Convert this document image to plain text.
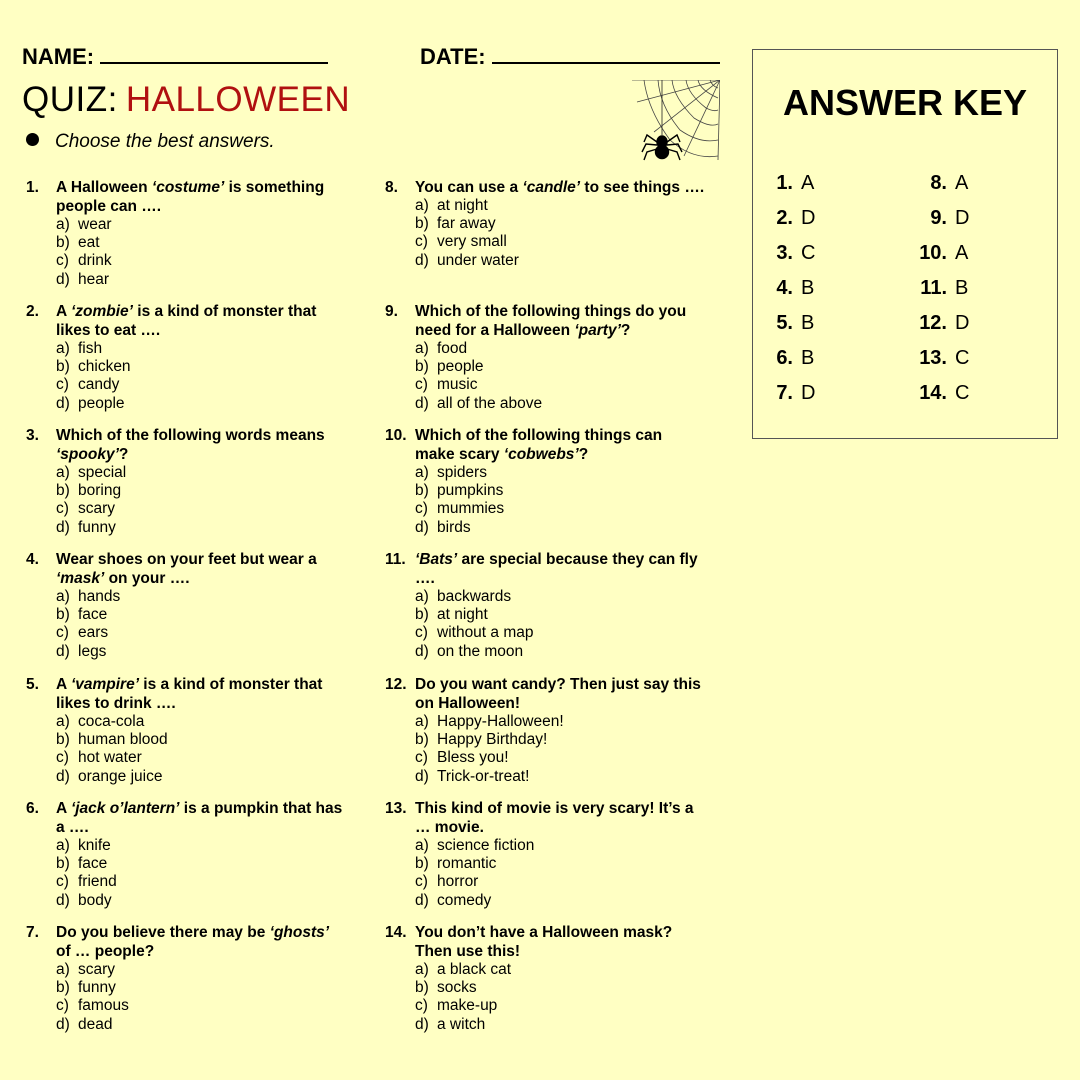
NAME:	DATE:
QUIZ: HALLOWEEN
Choose the best answers.
1. A Halloween ‘costume’ is something people can ….
a) wear
b) eat
c) drink
d) hear
2. A ‘zombie’ is a kind of monster that likes to eat ….
a) fish
b) chicken
c) candy
d) people
3. Which of the following words means ‘spooky’?
a) special
b) boring
c) scary
d) funny
4. Wear shoes on your feet but wear a ‘mask’ on your ….
a) hands
b) face
c) ears
d) legs
5. A ‘vampire’ is a kind of monster that likes to drink ….
a) coca-cola
b) human blood
c) hot water
d) orange juice
6. A ‘jack o’lantern’ is a pumpkin that has a ….
a) knife
b) face
c) friend
d) body
7. Do you believe there may be ‘ghosts’ of … people?
a) scary
b) funny
c) famous
d) dead
8. You can use a ‘candle’ to see things ….
a) at night
b) far away
c) very small
d) under water
9. Which of the following things do you need for a Halloween ‘party’?
a) food
b) people
c) music
d) all of the above
10. Which of the following things can make scary ‘cobwebs’?
a) spiders
b) pumpkins
c) mummies
d) birds
11. ‘Bats’ are special because they can fly ….
a) backwards
b) at night
c) without a map
d) on the moon
12. Do you want candy? Then just say this on Halloween!
a) Happy-Halloween!
b) Happy Birthday!
c) Bless you!
d) Trick-or-treat!
13. This kind of movie is very scary! It’s a … movie.
a) science fiction
b) romantic
c) horror
d) comedy
14. You don’t have a Halloween mask? Then use this!
a) a black cat
b) socks
c) make-up
d) a witch
ANSWER KEY
1. A
2. D
3. C
4. B
5. B
6. B
7. D
8. A
9. D
10. A
11. B
12. D
13. C
14. C
